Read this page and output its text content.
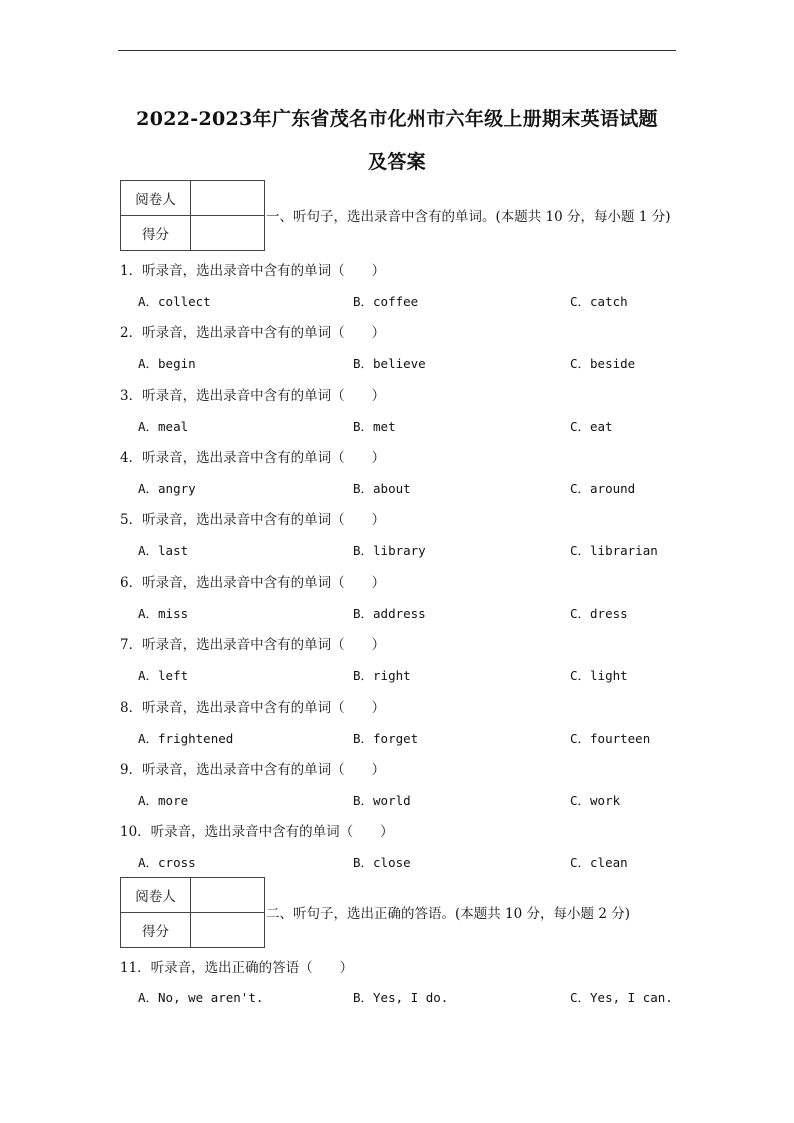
2022-2023年广东省茂名市化州市六年级上册期末英语试题
及答案
阅卷人
得分
一、听句子，选出录音中含有的单词。(本题共 10 分，每小题 1 分)
1．听录音，选出录音中含有的单词（　　）
A．collect	B．coffee	C．catch
2．听录音，选出录音中含有的单词（　　）
A．begin	B．believe	C．beside
3．听录音，选出录音中含有的单词（　　）
A．meal	B．met	C．eat
4．听录音，选出录音中含有的单词（　　）
A．angry	B．about	C．around
5．听录音，选出录音中含有的单词（　　）
A．last	B．library	C．librarian
6．听录音，选出录音中含有的单词（　　）
A．miss	B．address	C．dress
7．听录音，选出录音中含有的单词（　　）
A．left	B．right	C．light
8．听录音，选出录音中含有的单词（　　）
A．frightened	B．forget	C．fourteen
9．听录音，选出录音中含有的单词（　　）
A．more	B．world	C．work
10．听录音，选出录音中含有的单词（　　）
A．cross	B．close	C．clean
阅卷人
得分
二、听句子，选出正确的答语。(本题共 10 分，每小题 2 分)
11．听录音，选出正确的答语（　　）
A．No, we aren't.	B．Yes, I do.	C．Yes, I can.
